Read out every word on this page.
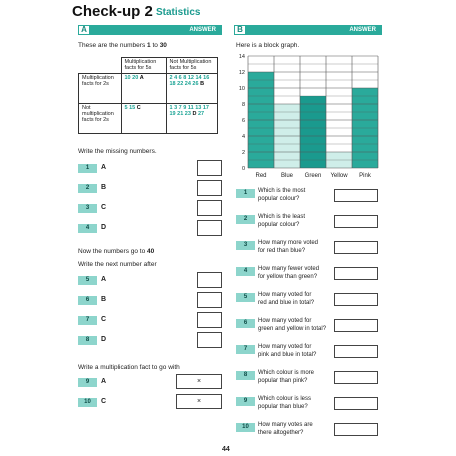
Check-up 2 Statistics
A	ANSWER	B	ANSWER
These are the numbers 1 to 30
	Multiplication facts for 5s	Not Multiplication facts for 5s
Multiplication facts for 2s	10 20 A	2 4 6 8 12 14 16 18 22 24 26 B
Not multiplication facts for 2s	5 15 C	1 3 7 9 11 13 17 19 21 23 D 27
Write the missing numbers.
Now the numbers go to 40
Write the next number after
Write a multiplication fact to go with
1	A
2	B
3	C
4	D
5	A
6	B
7	C
8	D
9	A	×
10	C	×
Here is a block graph.
0
2
4
6
8
10
12
14
Red Blue Green Yellow Pink
1	Which is the most
popular colour?
2	Which is the least
popular colour?
3	How many more voted
for red than blue?
4	How many fewer voted
for yellow than green?
5	How many voted for
red and blue in total?
6	How many voted for
green and yellow in total?
7	How many voted for
pink and blue in total?
8	Which colour is more
popular than pink?
9	Which colour is less
popular than blue?
10	How many votes are
there altogether?
44
